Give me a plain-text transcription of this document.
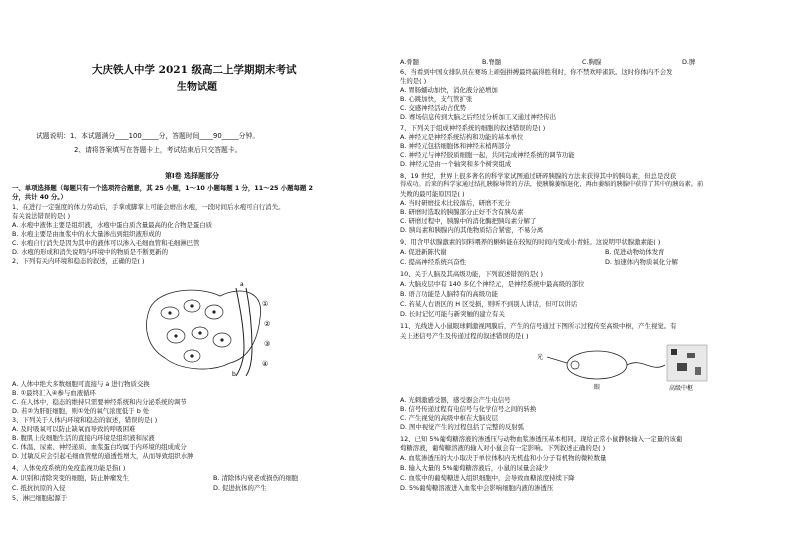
大庆铁人中学 2021 级高二上学期期末考试
生物试题
试题说明：1、本试题满分____100_____分，答题时间____90_____分钟。
2、请将答案填写在答题卡上，考试结束后只交答题卡。
第Ⅰ卷 选择题部分
一、单项选择题（每题只有一个选项符合题意，其 25 小题，1～10 小题每题 1 分，11～25 小题每题 2
分，共计 40 分。）
1、在进行一定强度的体力劳动后，手掌或脚掌上可能会磨出水疱，一段时间后水疱可自行消失。
有关说法错误的是( )
A. 水疱中液体主要是组织液，水疱中蛋白质含量最高的化合物是蛋白质
B. 水疱主要是由血浆中的水大量渗出到组织液形成的
C. 水疱自行消失是因为其中的液体可以渗入毛细血管和毛细淋巴管
D. 水疱的形成和消失说明内环境中的物质是不断更新的
2、下列有关内环境和稳态的叙述，正确的是( )
a
b
①
②
③
④
A. 人体中绝大多数细胞可直接与 a 进行物质交换
B. ①最终汇入④参与血液循环
C. 在人体中，稳态的维持只需要神经系统和内分泌系统的调节
D. 若②为肝脏细胞，则①处的氧气浓度低于 b 处
3、下列关于人体内环境和稳态的叙述，错误的是( )
A. 及时吸氧可以防止缺氧而导致的呼吸困难
B. 腹肌上皮细胞生活的直接内环境是组织液和尿液
C. 体温、尿素、神经递质、血浆蛋白均属于内环境的组成成分
D. 过敏反应会引起毛细血管壁的通透性增大，从而导致组织水肿
4、人体免疫系统的免疫监视功能是指( )
A. 识别和清除突变的细胞，防止肿瘤发生	B. 清除体内衰老或损伤的细胞
C. 抵抗抗原的入侵	D. 促进抗体的产生
5、淋巴细胞起源于
A.骨髓	B.脊髓	C.胸腺	D.脾
6、当看到中国女排队员在赛场上顽强拼搏最终赢得胜利时，你不禁欢呼雀跃。这时你体内不会发
生的是( )
A. 胃肠蠕动加快，消化液分泌增加
B. 心跳加快，支气管扩张
C. 交感神经活动占优势
D. 赛场信息传到大脑之后经过分析加工又通过神经传出
7、下列关于组成神经系统的细胞的叙述错误的是( )
A. 神经元是神经系统结构和功能的基本单位
B. 神经元包括细胞体和神经末梢两部分
C. 神经元与神经胶质细胞一起，共同完成神经系统的调节功能
D. 神经元是由一个轴突和多个树突组成
8、19 世纪，世界上很多著名的科学家试图通过研碎胰腺的方法来获得其中的胰岛素，但总是没获
得成功。后来的科学家通过结扎胰腺导管的方法，使胰腺萎缩退化，再由萎缩的胰腺中获得了其中的胰岛素。前
失败的最可能原因是( )
A. 当时研磨技术比较落后，研磨不充分
B. 研磨时选取的胰腺部分正好不含有胰岛素
C. 研磨过程中，胰腺中的消化酶把胰岛素分解了
D. 胰岛素和胰腺内的其他物质结合紧密，不易分离
9、用含甲状腺激素的饲料喂养的蝌蚪能在较短的时间内变成小青蛙。这说明甲状腺激素能( )
A. 促进新陈代谢	B. 促进动物幼体发育
C. 提高神经系统兴奋性	D. 加速体内物质氧化分解
10、关于人脑及其高级功能，下列叙述错误的是( )
A. 大脑皮层中有 140 多亿个神经元，是神经系统中最高级的部位
B. 语言功能是人脑特有的高级功能
C. 若某人右语区的 H 区受损，则听不到别人讲话，但可以讲话
D. 长时记忆可能与新突触的建立有关
11、光线进入小鼠眼球刺激视网膜后，产生的信号通过下图所示过程传至高级中枢，产生视觉。有
关上述信号产生及传递过程的叙述错误的是( )
光
眼	高级中枢
A. 光刺激感受器，感受器会产生电信号
B. 信号传递过程有电信号与化学信号之间的转换
C. 产生视觉的高级中枢在大脑皮层
D. 图中视觉产生的过程包括了完整的反射弧
12、已知 5%葡萄糖溶液的渗透压与动物血浆渗透压基本相同。现给正常小鼠静脉输入一定量的该葡
萄糖溶液，葡萄糖溶液的输入对小鼠会有一定影响。下列叙述正确的是( )
A. 血浆渗透压的大小取决于单位体积内无机盐和小分子有机物的微粒数量
B. 输入大量的 5%葡萄糖溶液后，小鼠的尿量会减少
C. 血浆中的葡萄糖进入组织细胞中，会导致血糖浓度持续下降
D. 5%葡萄糖溶液进入血浆中会影响细胞内液的渗透压
